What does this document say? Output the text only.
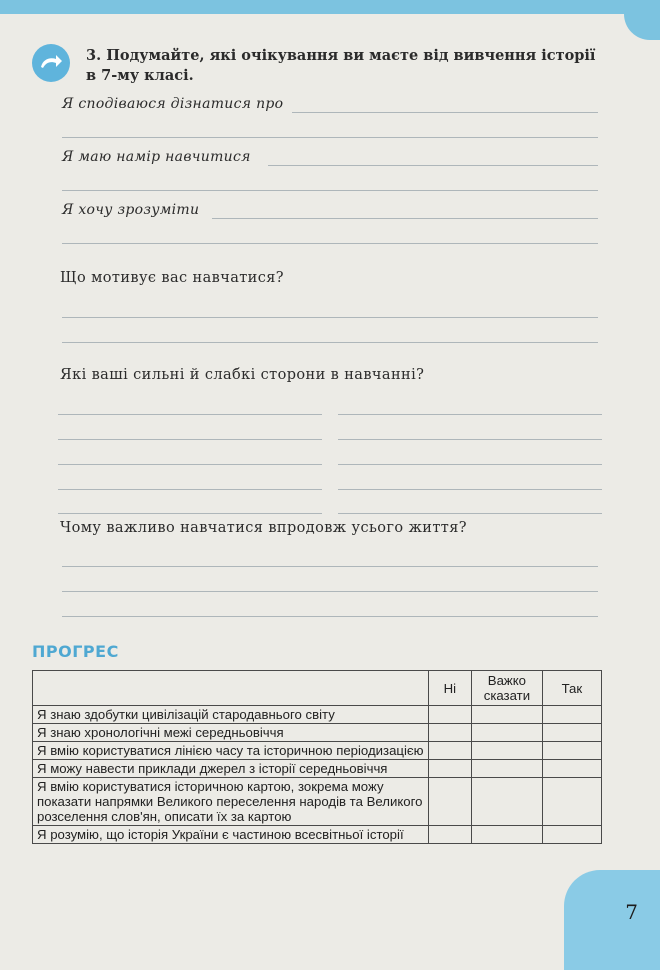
3. Подумайте, які очікування ви маєте від вивчення історії
в 7-му класі.
Я сподіваюся дізнатися про
Я маю намір навчитися
Я хочу зрозуміти
Що мотивує вас навчатися?
Які ваші сильні й слабкі сторони в навчанні?
Чому важливо навчатися впродовж усього життя?
ПРОГРЕС
	Ні	Важко сказати	Так
Я знаю здобутки цивілізацій стародавнього світу			
Я знаю хронологічні межі середньовіччя			
Я вмію користуватися лінією часу та історичною періодизацією			
Я можу навести приклади джерел з історії середньовіччя			
Я вмію користуватися історичною картою, зокрема можу показати напрямки Великого переселення народів та Великого розселення слов'ян, описати їх за картою			
Я розумію, що історія України є частиною всесвітньої історії			
7
